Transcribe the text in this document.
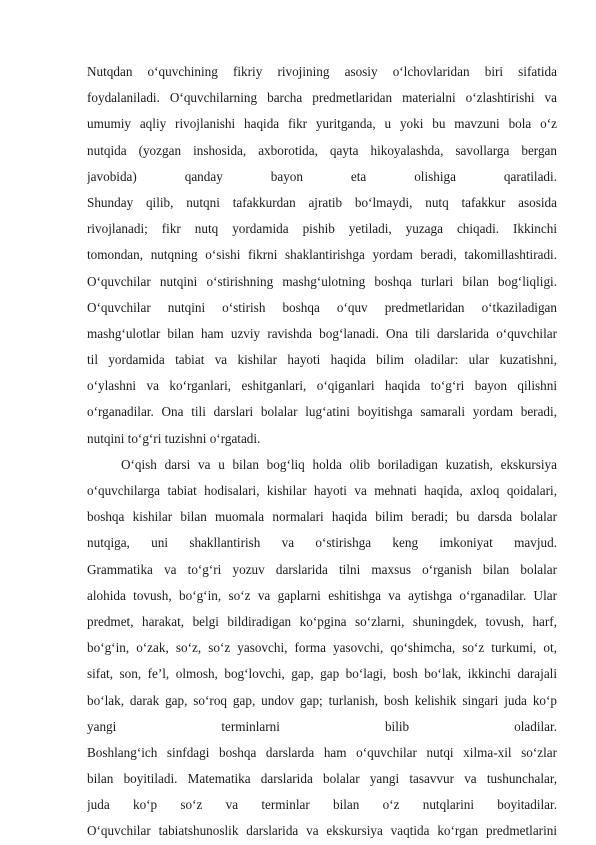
Nutqdan o‘quvchining fikriy rivojining asosiy o‘lchovlaridan biri sifatida
foydalaniladi. O‘quvchilarning barcha predmetlaridan materialni o‘zlashtirishi va
umumiy aqliy rivojlanishi haqida fikr yuritganda, u yoki bu mavzuni bola o‘z
nutqida (yozgan inshosida, axborotida, qayta hikoyalashda, savollarga bergan
javobida) qanday bayon eta olishiga qaratiladi.
Shunday qilib, nutqni tafakkurdan ajratib bo‘lmaydi, nutq tafakkur asosida
rivojlanadi; fikr nutq yordamida pishib yetiladi, yuzaga chiqadi. Ikkinchi
tomondan, nutqning o‘sishi fikrni shaklantirishga yordam beradi, takomillashtiradi.
O‘quvchilar nutqini o‘stirishning mashg‘ulotning boshqa turlari bilan bog‘liqligi.
O‘quvchilar nutqini o‘stirish boshqa o‘quv predmetlaridan o‘tkaziladigan
mashg‘ulotlar bilan ham uzviy ravishda bog‘lanadi. Ona tili darslarida o‘quvchilar
til yordamida tabiat va kishilar hayoti haqida bilim oladilar: ular kuzatishni,
o‘ylashni va ko‘rganlari, eshitganlari, o‘qiganlari haqida to‘g‘ri bayon qilishni
o‘rganadilar. Ona tili darslari bolalar lug‘atini boyitishga samarali yordam beradi,
nutqini to‘g‘ri tuzishni o‘rgatadi.
O‘qish darsi va u bilan bog‘liq holda olib boriladigan kuzatish, ekskursiya
o‘quvchilarga tabiat hodisalari, kishilar hayoti va mehnati haqida, axloq qoidalari,
boshqa kishilar bilan muomala normalari haqida bilim beradi; bu darsda bolalar
nutqiga, uni shakllantirish va o‘stirishga keng imkoniyat mavjud.
Grammatika va to‘g‘ri yozuv darslarida tilni maxsus o‘rganish bilan bolalar
alohida tovush, bo‘g‘in, so‘z va gaplarni eshitishga va aytishga o‘rganadilar. Ular
predmet, harakat, belgi bildiradigan ko‘pgina so‘zlarni, shuningdek, tovush, harf,
bo‘g‘in, o‘zak, so‘z, so‘z yasovchi, forma yasovchi, qo‘shimcha, so‘z turkumi, ot,
sifat, son, fe’l, olmosh, bog‘lovchi, gap, gap bo‘lagi, bosh bo‘lak, ikkinchi darajali
bo‘lak, darak gap, so‘roq gap, undov gap; turlanish, bosh kelishik singari juda ko‘p
yangi terminlarni bilib oladilar.
Boshlang‘ich sinfdagi boshqa darslarda ham o‘quvchilar nutqi xilma-xil so‘zlar
bilan boyitiladi. Matematika darslarida bolalar yangi tasavvur va tushunchalar,
juda ko‘p so‘z va terminlar bilan o‘z nutqlarini boyitadilar.
O‘quvchilar tabiatshunoslik darslarida va ekskursiya vaqtida ko‘rgan predmetlarini
